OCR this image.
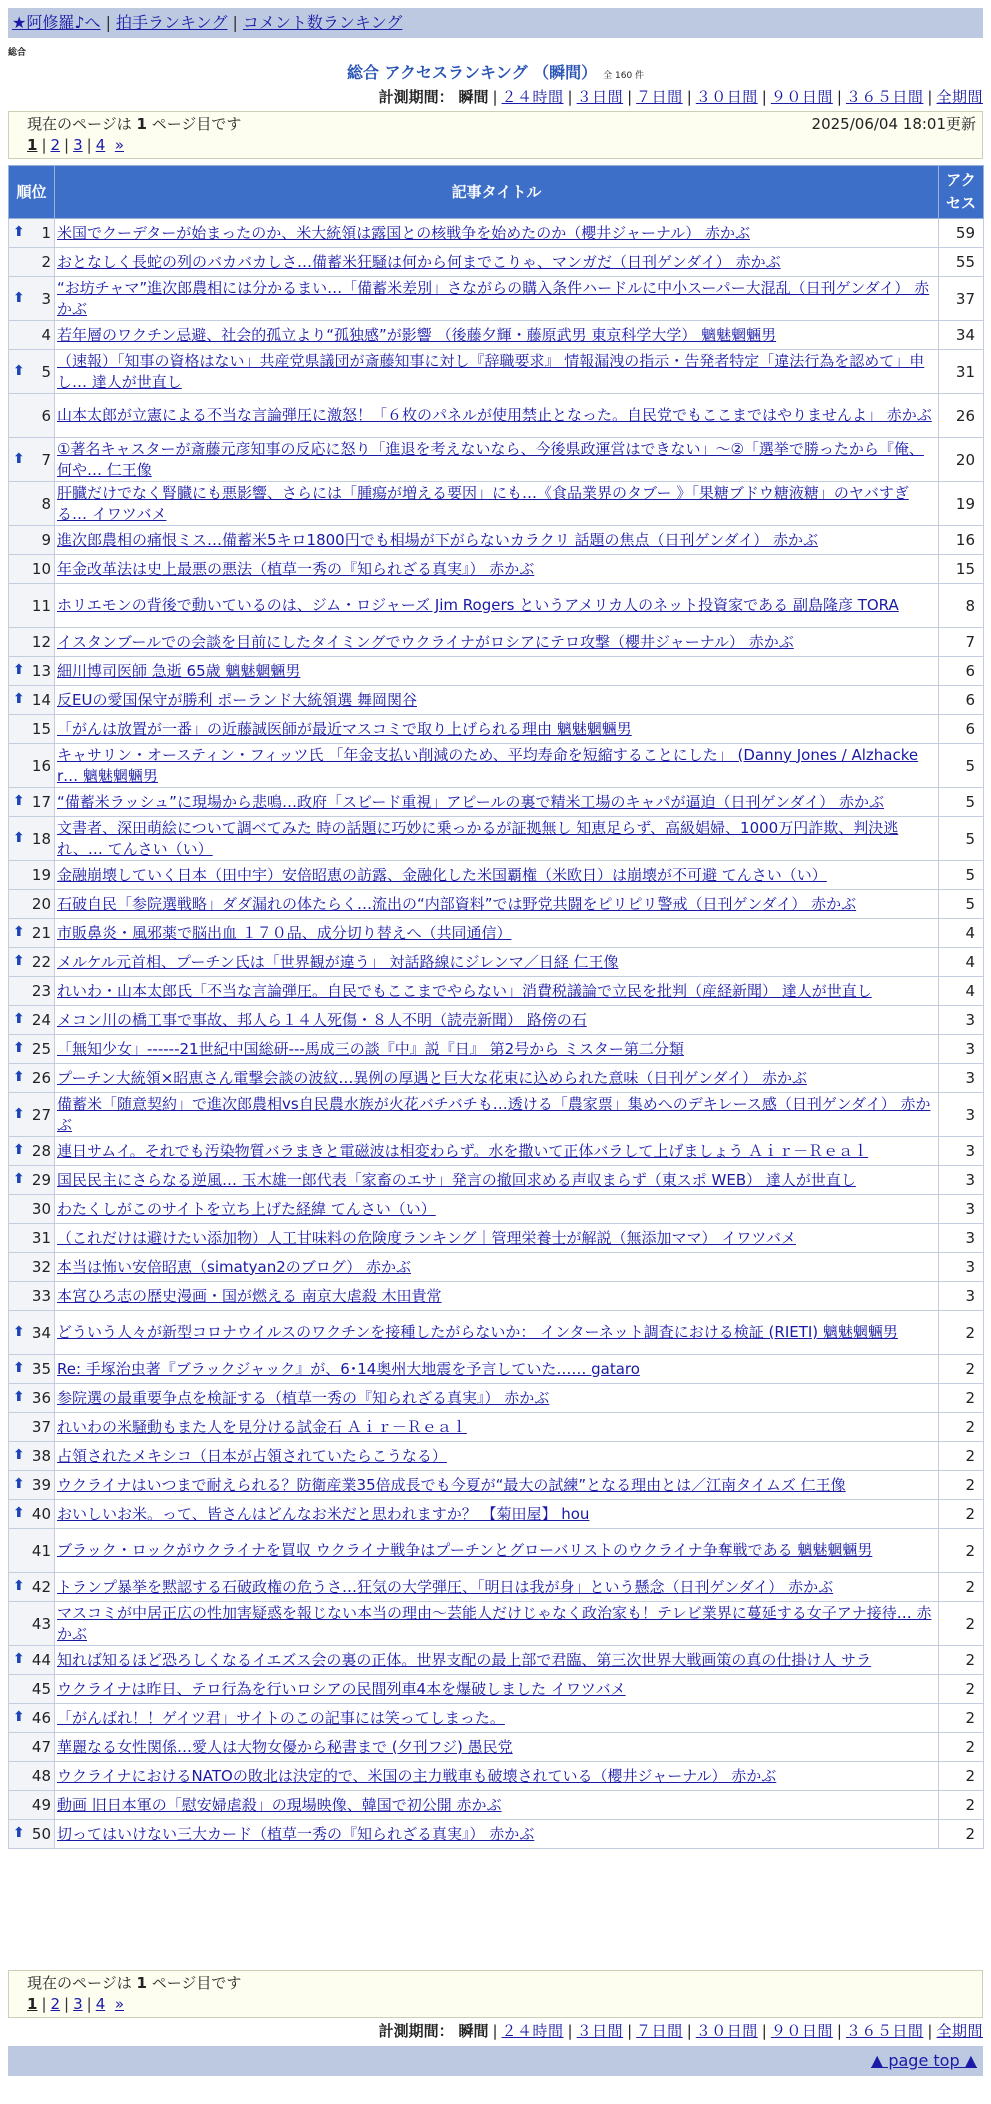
★阿修羅♪へ | 拍手ランキング | コメント数ランキング
総合
総合 アクセスランキング （瞬間） 全 160 件
計測期間： 瞬間 | ２４時間 | ３日間 | ７日間 | ３０日間 | ９０日間 | ３６５日間 | 全期間
現在のページは 1 ページ目です	2025/06/04 18:01更新
1 | 2 | 3 | 4 »
順位	記事タイトル	アクセス

⬆ 1	米国でクーデターが始まったのか、米大統領は露国との核戦争を始めたのか（櫻井ジャーナル） 赤かぶ	59
2	おとなしく長蛇の列のバカバカしさ…備蓄米狂騒は何から何までこりゃ、マンガだ（日刊ゲンダイ） 赤かぶ	55

⬆ 3	“お坊チャマ”進次郎農相には分かるまい…「備蓄米差別」さながらの購入条件ハードルに中小スーパー大混乱（日刊ゲンダイ） 赤かぶ	37
4	若年層のワクチン忌避、社会的孤立より“孤独感”が影響 （後藤夕輝・藤原武男 東京科学大学） 魑魅魍魎男	34

⬆ 5	（速報）「知事の資格はない」共産党県議団が斎藤知事に対し『辞職要求』 情報漏洩の指示・告発者特定「違法行為を認めて」申し… 達人が世直し	31
6	山本太郎が立憲による不当な言論弾圧に激怒！「６枚のパネルが使用禁止となった。自民党でもここまではやりませんよ」 赤かぶ	26

⬆ 7	①著名キャスターが斎藤元彦知事の反応に怒り「進退を考えないなら、今後県政運営はできない」～②「選挙で勝ったから『俺、何や… 仁王像	20
8	肝臓だけでなく腎臓にも悪影響、さらには「腫瘍が増える要因」にも…《食品業界のタブー 》「果糖ブドウ糖液糖」のヤバすぎる… イワツバメ	19
9	進次郎農相の痛恨ミス…備蓄米5キロ1800円でも相場が下がらないカラクリ 話題の焦点（日刊ゲンダイ） 赤かぶ	16
10	年金改革法は史上最悪の悪法（植草一秀の『知られざる真実』） 赤かぶ	15
11	ホリエモンの背後で動いているのは、ジム・ロジャーズ Jim Rogers というアメリカ人のネット投資家である 副島隆彦 TORA	8
12	イスタンブールでの会談を目前にしたタイミングでウクライナがロシアにテロ攻撃（櫻井ジャーナル） 赤かぶ	7

⬆ 13	細川博司医師 急逝 65歳 魑魅魍魎男	6

⬆ 14	反EUの愛国保守が勝利 ポーランド大統領選 舞岡関谷	6
15	「がんは放置が一番」の近藤誠医師が最近マスコミで取り上げられる理由 魑魅魍魎男	6
16	キャサリン・オースティン・フィッツ氏 「年金支払い削減のため、平均寿命を短縮することにした」 (Danny Jones / Alzhacker… 魑魅魍魎男	5

⬆ 17	“備蓄米ラッシュ”に現場から悲鳴…政府「スピード重視」アピールの裏で精米工場のキャパが逼迫（日刊ゲンダイ） 赤かぶ	5

⬆ 18	文書者、深田萌絵について調べてみた 時の話題に巧妙に乗っかるが証拠無し 知恵足らず、高級娼婦、1000万円詐欺、判決逃れ、… てんさい（い）	5
19	金融崩壊していく日本（田中宇）安倍昭恵の訪露、金融化した米国覇権（米欧日）は崩壊が不可避 てんさい（い）	5
20	石破自民「参院選戦略」ダダ漏れの体たらく…流出の“内部資料”では野党共闘をピリピリ警戒（日刊ゲンダイ） 赤かぶ	5

⬆ 21	市販鼻炎・風邪薬で脳出血 １７０品、成分切り替えへ（共同通信）	4

⬆ 22	メルケル元首相、プーチン氏は「世界観が違う」 対話路線にジレンマ／日経 仁王像	4
23	れいわ・山本太郎氏「不当な言論弾圧。自民でもここまでやらない」消費税議論で立民を批判（産経新聞） 達人が世直し	4

⬆ 24	メコン川の橋工事で事故、邦人ら１４人死傷・８人不明（読売新聞） 路傍の石	3

⬆ 25	「無知少女」------21世紀中国総研---馬成三の談『中』説『日』 第2号から ミスター第二分類	3

⬆ 26	プーチン大統領×昭恵さん電撃会談の波紋…異例の厚遇と巨大な花束に込められた意味（日刊ゲンダイ） 赤かぶ	3

⬆ 27	備蓄米「随意契約」で進次郎農相vs自民農水族が火花バチバチも…透ける「農家票」集めへのデキレース感（日刊ゲンダイ） 赤かぶ	3

⬆ 28	連日サムイ。それでも汚染物質バラまきと電磁波は相変わらず。水を撒いて正体バラして上げましょう Ａｉｒ－Ｒｅａｌ	3

⬆ 29	国民民主にさらなる逆風… 玉木雄一郎代表「家畜のエサ」発言の撤回求める声収まらず（東スポ WEB） 達人が世直し	3
30	わたくしがこのサイトを立ち上げた経緯 てんさい（い）	3
31	（これだけは避けたい添加物）人工甘味料の危険度ランキング｜管理栄養士が解説（無添加ママ） イワツバメ	3
32	本当は怖い安倍昭恵（simatyan2のブログ） 赤かぶ	3
33	本宮ひろ志の歴史漫画・国が燃える 南京大虐殺 木田貴常	3

⬆ 34	どういう人々が新型コロナウイルスのワクチンを接種したがらないか： インターネット調査における検証 (RIETI) 魑魅魍魎男	2

⬆ 35	Re: 手塚治虫著『ブラックジャック』が、6･14奥州大地震を予言していた…… gataro	2

⬆ 36	参院選の最重要争点を検証する（植草一秀の『知られざる真実』） 赤かぶ	2
37	れいわの米騒動もまた人を見分ける試金石 Ａｉｒ－Ｒｅａｌ	2

⬆ 38	占領されたメキシコ（日本が占領されていたらこうなる）	2

⬆ 39	ウクライナはいつまで耐えられる？防衛産業35倍成長でも今夏が“最大の試練”となる理由とは／江南タイムズ 仁王像	2

⬆ 40	おいしいお米。って、皆さんはどんなお米だと思われますか？ 【菊田屋】 hou	2
41	ブラック・ロックがウクライナを買収 ウクライナ戦争はプーチンとグローバリストのウクライナ争奪戦である 魑魅魍魎男	2

⬆ 42	トランプ暴挙を黙認する石破政権の危うさ…狂気の大学弾圧、「明日は我が身」という懸念（日刊ゲンダイ） 赤かぶ	2
43	マスコミが中居正広の性加害疑惑を報じない本当の理由〜芸能人だけじゃなく政治家も！テレビ業界に蔓延する女子アナ接待… 赤かぶ	2

⬆ 44	知れば知るほど恐ろしくなるイエズス会の裏の正体。世界支配の最上部で君臨、第三次世界大戦画策の真の仕掛け人 サラ	2
45	ウクライナは昨日、テロ行為を行いロシアの民間列車4本を爆破しました イワツバメ	2

⬆ 46	「がんばれ！！ゲイツ君」サイトのこの記事には笑ってしまった。	2
47	華麗なる女性関係…愛人は大物女優から秘書まで (夕刊フジ) 愚民党	2
48	ウクライナにおけるNATOの敗北は決定的で、米国の主力戦車も破壊されている（櫻井ジャーナル） 赤かぶ	2
49	動画 旧日本軍の「慰安婦虐殺」の現場映像、韓国で初公開 赤かぶ	2

⬆ 50	切ってはいけない三大カード（植草一秀の『知られざる真実』） 赤かぶ	2
現在のページは 1 ページ目です
1 | 2 | 3 | 4 »
計測期間： 瞬間 | ２４時間 | ３日間 | ７日間 | ３０日間 | ９０日間 | ３６５日間 | 全期間
▲ page top ▲
